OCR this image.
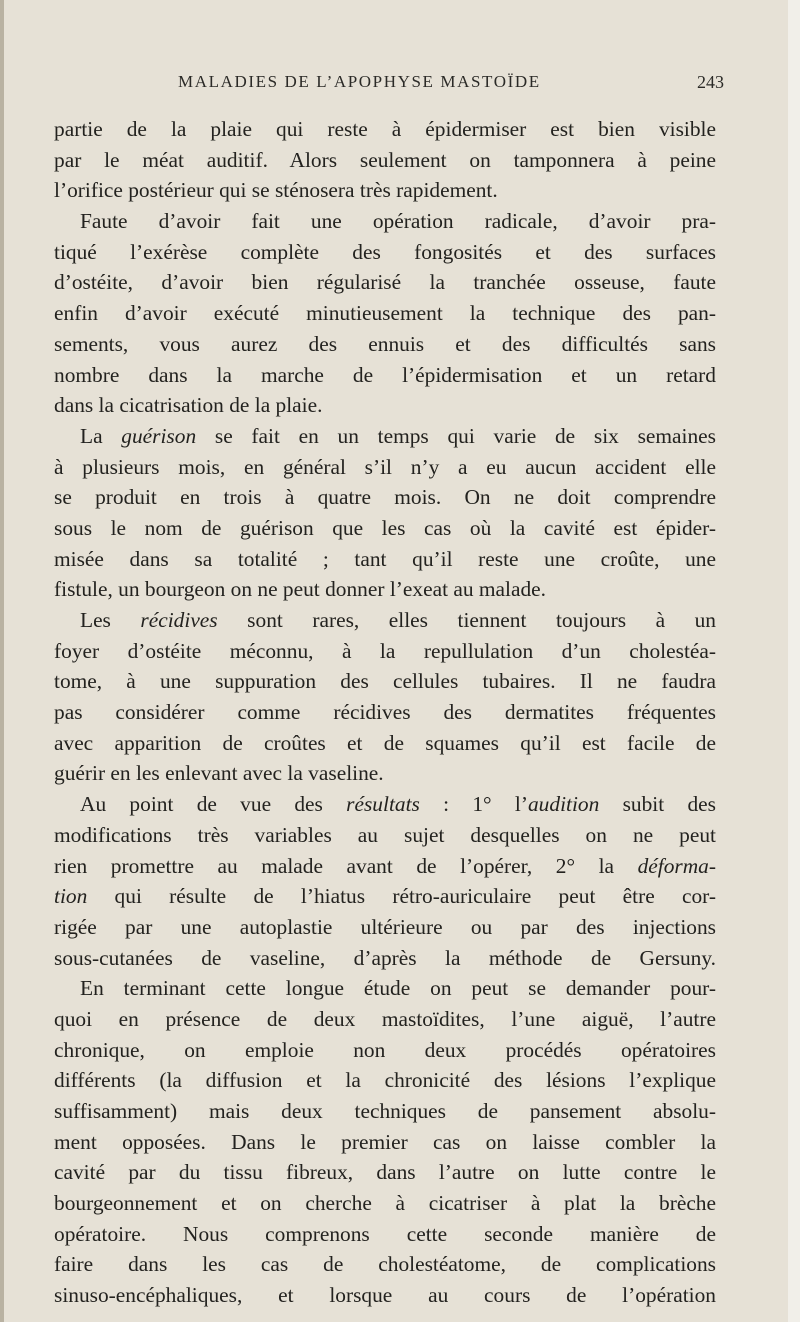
MALADIES DE L’APOPHYSE MASTOÏDE	243
partie de la plaie qui reste à épidermiser est bien visible
par le méat auditif. Alors seulement on tamponnera à peine
l’orifice postérieur qui se sténosera très rapidement.
Faute d’avoir fait une opération radicale, d’avoir pra-
tiqué l’exérèse complète des fongosités et des surfaces
d’ostéite, d’avoir bien régularisé la tranchée osseuse, faute
enfin d’avoir exécuté minutieusement la technique des pan-
sements, vous aurez des ennuis et des difficultés sans
nombre dans la marche de l’épidermisation et un retard
dans la cicatrisation de la plaie.
La guérison se fait en un temps qui varie de six semaines
à plusieurs mois, en général s’il n’y a eu aucun accident elle
se produit en trois à quatre mois. On ne doit comprendre
sous le nom de guérison que les cas où la cavité est épider-
misée dans sa totalité ; tant qu’il reste une croûte, une
fistule, un bourgeon on ne peut donner l’exeat au malade.
Les récidives sont rares, elles tiennent toujours à un
foyer d’ostéite méconnu, à la repullulation d’un cholestéa-
tome, à une suppuration des cellules tubaires. Il ne faudra
pas considérer comme récidives des dermatites fréquentes
avec apparition de croûtes et de squames qu’il est facile de
guérir en les enlevant avec la vaseline.
Au point de vue des résultats : 1° l’audition subit des
modifications très variables au sujet desquelles on ne peut
rien promettre au malade avant de l’opérer, 2° la déforma-
tion qui résulte de l’hiatus rétro-auriculaire peut être cor-
rigée par une autoplastie ultérieure ou par des injections
sous-cutanées de vaseline, d’après la méthode de Gersuny.
En terminant cette longue étude on peut se demander pour-
quoi en présence de deux mastoïdites, l’une aiguë, l’autre
chronique, on emploie non deux procédés opératoires
différents (la diffusion et la chronicité des lésions l’explique
suffisamment) mais deux techniques de pansement absolu-
ment opposées. Dans le premier cas on laisse combler la
cavité par du tissu fibreux, dans l’autre on lutte contre le
bourgeonnement et on cherche à cicatriser à plat la brèche
opératoire. Nous comprenons cette seconde manière de
faire dans les cas de cholestéatome, de complications
sinuso-encéphaliques, et lorsque au cours de l’opération
